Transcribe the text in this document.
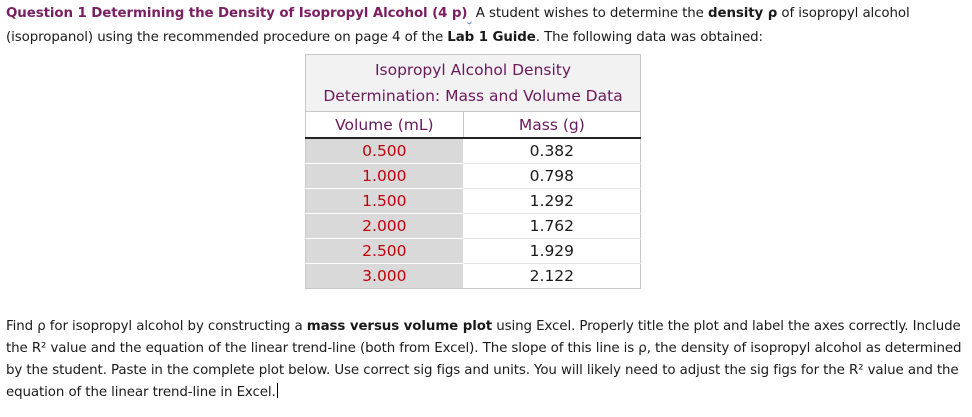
Question 1 Determining the Density of Isopropyl Alcohol (4 p)  A student wishes to determine the density ρ of isopropyl alcohol (isopropanol) using the recommended procedure on page 4 of the Lab 1 Guide. The following data was obtained:
Isopropyl Alcohol Density
Determination: Mass and Volume Data	

Volume (mL)	Mass (g)
0.500	0.382
1.000	0.798
1.500	1.292
2.000	1.762
2.500	1.929
3.000	2.122
Find ρ for isopropyl alcohol by constructing a mass versus volume plot using Excel. Properly title the plot and label the axes correctly. Include the R² value and the equation of the linear trend-line (both from Excel). The slope of this line is ρ, the density of isopropyl alcohol as determined by the student. Paste in the complete plot below. Use correct sig figs and units. You will likely need to adjust the sig figs for the R² value and the equation of the linear trend-line in Excel.
